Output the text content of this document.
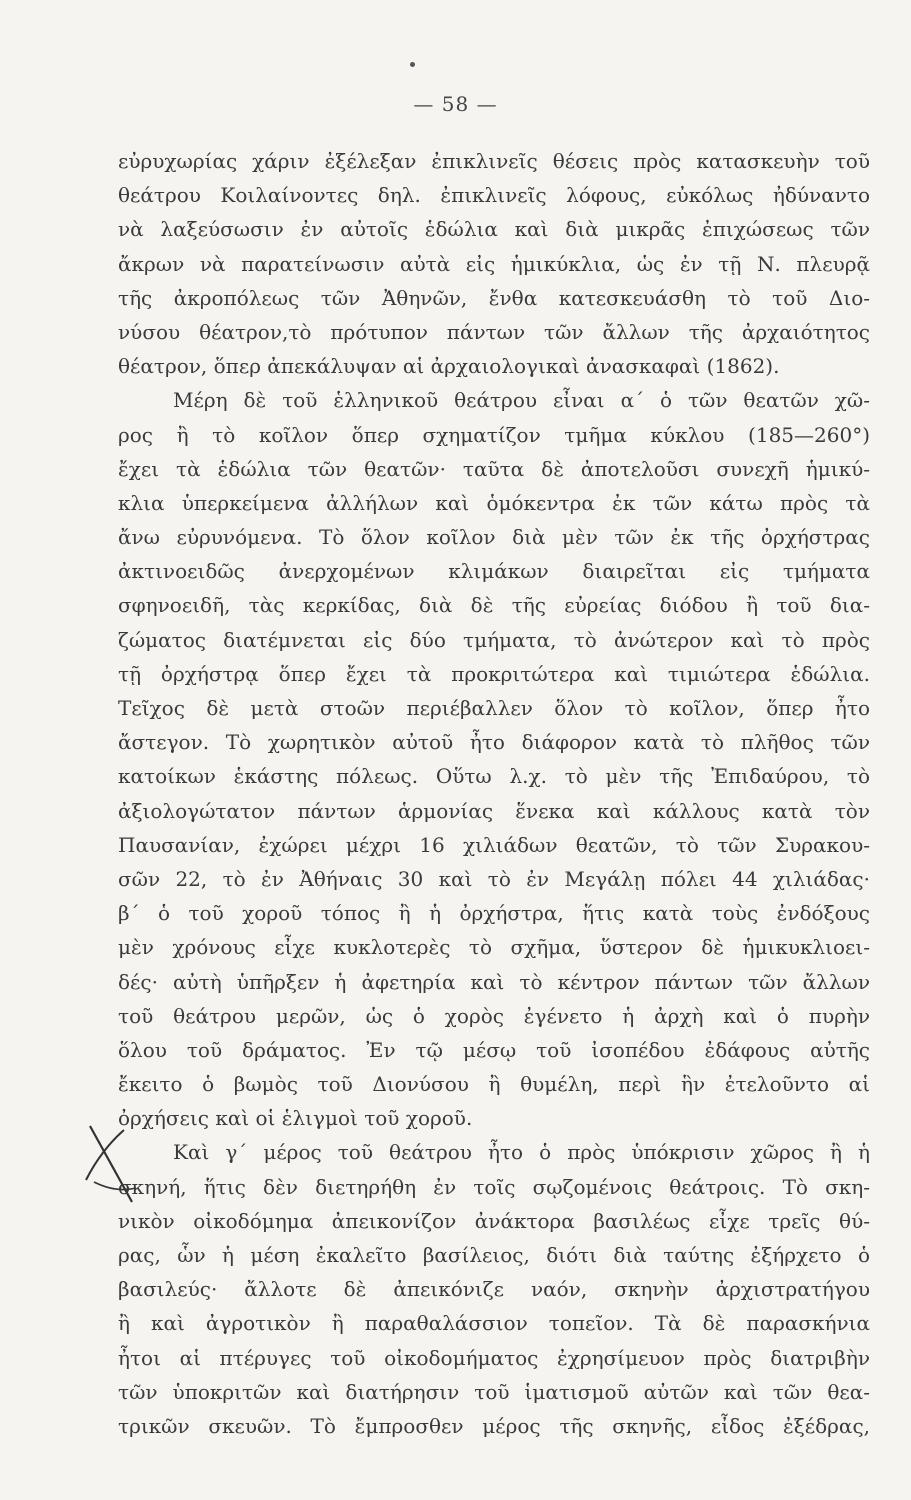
— 58 —
εὐρυχωρίας χάριν ἐξέλεξαν ἐπικλινεῖς θέσεις πρὸς κατασκευὴν τοῦ
θεάτρου Κοιλαίνοντες δηλ. ἐπικλινεῖς λόφους, εὐκόλως ἠδύναντο
νὰ λαξεύσωσιν ἐν αὐτοῖς ἑδώλια καὶ διὰ μικρᾶς ἐπιχώσεως τῶν
ἄκρων νὰ παρατείνωσιν αὐτὰ εἰς ἡμικύκλια, ὡς ἐν τῇ Ν. πλευρᾷ
τῆς ἀκροπόλεως τῶν Ἀθηνῶν, ἔνθα κατεσκευάσθη τὸ τοῦ Διο-
νύσου θέατρον,τὸ πρότυπον πάντων τῶν ἄλλων τῆς ἀρχαιότητος
θέατρον, ὅπερ ἀπεκάλυψαν αἱ ἀρχαιολογικαὶ ἀνασκαφαὶ (1862).
Μέρη δὲ τοῦ ἑλληνικοῦ θεάτρου εἶναι α΄ ὁ τῶν θεατῶν χῶ-
ρος ἢ τὸ κοῖλον ὅπερ σχηματίζον τμῆμα κύκλου (185—260°)
ἔχει τὰ ἑδώλια τῶν θεατῶν· ταῦτα δὲ ἀποτελοῦσι συνεχῆ ἡμικύ-
κλια ὑπερκείμενα ἀλλήλων καὶ ὁμόκεντρα ἐκ τῶν κάτω πρὸς τὰ
ἄνω εὐρυνόμενα. Τὸ ὅλον κοῖλον διὰ μὲν τῶν ἐκ τῆς ὀρχήστρας
ἀκτινοειδῶς ἀνερχομένων κλιμάκων διαιρεῖται εἰς τμήματα
σφηνοειδῆ, τὰς κερκίδας, διὰ δὲ τῆς εὐρείας διόδου ἢ τοῦ δια-
ζώματος διατέμνεται εἰς δύο τμήματα, τὸ ἀνώτερον καὶ τὸ πρὸς
τῇ ὀρχήστρᾳ ὅπερ ἔχει τὰ προκριτώτερα καὶ τιμιώτερα ἑδώλια.
Τεῖχος δὲ μετὰ στοῶν περιέβαλλεν ὅλον τὸ κοῖλον, ὅπερ ἦτο
ἄστεγον. Τὸ χωρητικὸν αὐτοῦ ἦτο διάφορον κατὰ τὸ πλῆθος τῶν
κατοίκων ἑκάστης πόλεως. Οὕτω λ.χ. τὸ μὲν τῆς Ἐπιδαύρου, τὸ
ἀξιολογώτατον πάντων ἁρμονίας ἕνεκα καὶ κάλλους κατὰ τὸν
Παυσανίαν, ἐχώρει μέχρι 16 χιλιάδων θεατῶν, τὸ τῶν Συρακου-
σῶν 22, τὸ ἐν Ἀθήναις 30 καὶ τὸ ἐν Μεγάλῃ πόλει 44 χιλιάδας·
β΄ ὁ τοῦ χοροῦ τόπος ἢ ἡ ὀρχήστρα, ἥτις κατὰ τοὺς ἐνδόξους
μὲν χρόνους εἶχε κυκλοτερὲς τὸ σχῆμα, ὕστερον δὲ ἡμικυκλιοει-
δές· αὐτὴ ὑπῆρξεν ἡ ἀφετηρία καὶ τὸ κέντρον πάντων τῶν ἄλλων
τοῦ θεάτρου μερῶν, ὡς ὁ χορὸς ἐγένετο ἡ ἀρχὴ καὶ ὁ πυρὴν
ὅλου τοῦ δράματος. Ἐν τῷ μέσῳ τοῦ ἰσοπέδου ἐδάφους αὐτῆς
ἔκειτο ὁ βωμὸς τοῦ Διονύσου ἢ θυμέλη, περὶ ἣν ἐτελοῦντο αἱ
ὀρχήσεις καὶ οἱ ἑλιγμοὶ τοῦ χοροῦ.
Καὶ γ΄ μέρος τοῦ θεάτρου ἦτο ὁ πρὸς ὑπόκρισιν χῶρος ἢ ἡ
σκηνή, ἥτις δὲν διετηρήθη ἐν τοῖς σῳζομένοις θεάτροις. Τὸ σκη-
νικὸν οἰκοδόμημα ἀπεικονίζον ἀνάκτορα βασιλέως εἶχε τρεῖς θύ-
ρας, ὧν ἡ μέση ἐκαλεῖτο βασίλειος, διότι διὰ ταύτης ἐξήρχετο ὁ
βασιλεύς· ἄλλοτε δὲ ἀπεικόνιζε ναόν, σκηνὴν ἀρχιστρατήγου
ἢ καὶ ἀγροτικὸν ἢ παραθαλάσσιον τοπεῖον. Τὰ δὲ παρασκήνια
ἦτοι αἱ πτέρυγες τοῦ οἰκοδομήματος ἐχρησίμευον πρὸς διατριβὴν
τῶν ὑποκριτῶν καὶ διατήρησιν τοῦ ἱματισμοῦ αὐτῶν καὶ τῶν θεα-
τρικῶν σκευῶν. Τὸ ἔμπροσθεν μέρος τῆς σκηνῆς, εἶδος ἐξέδρας,
